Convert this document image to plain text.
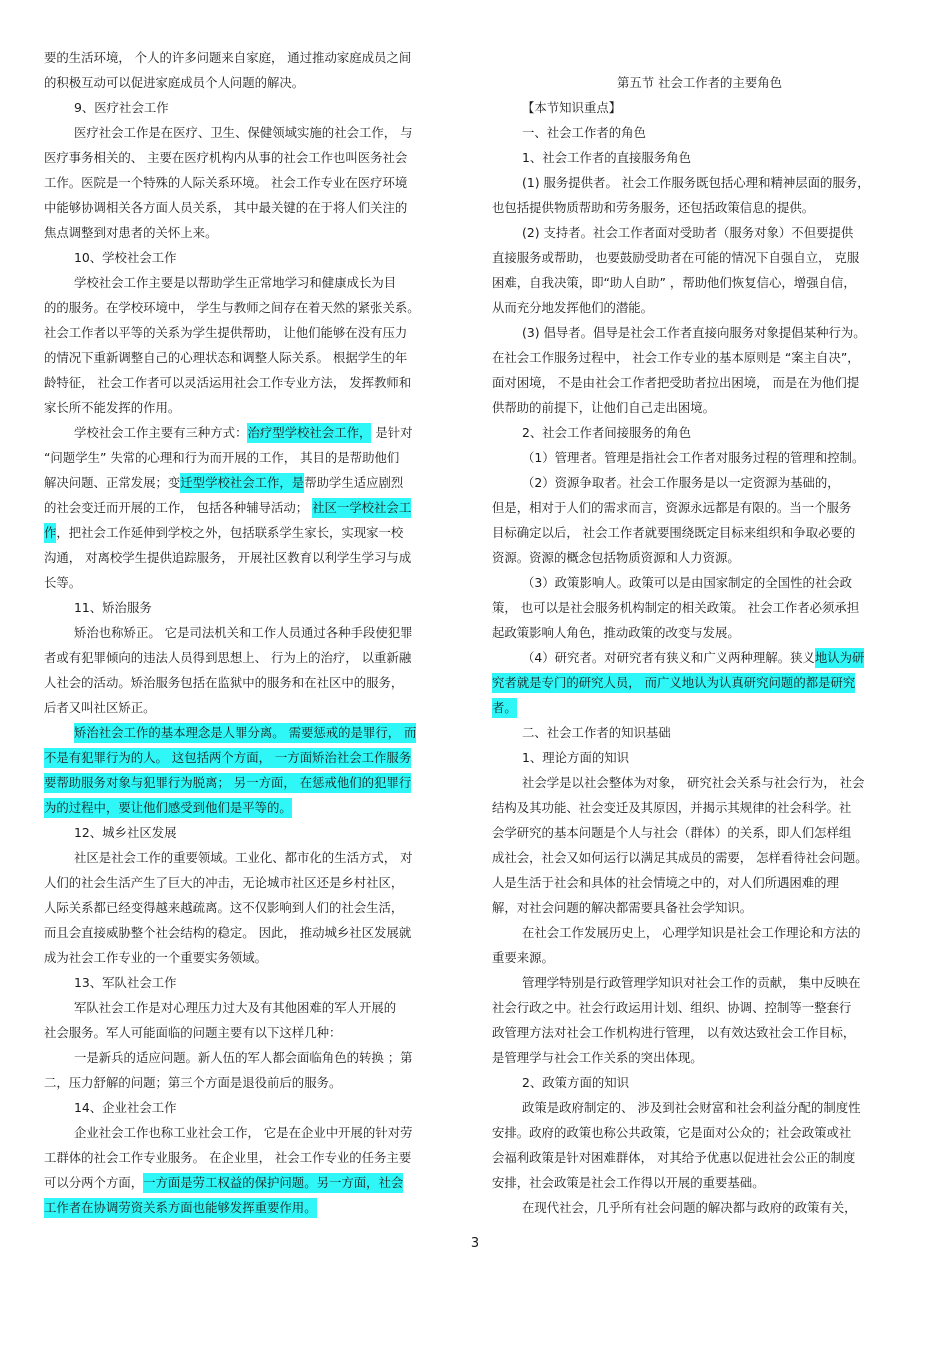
要的生活环境， 个人的许多问题来自家庭， 通过推动家庭成员之间
的积极互动可以促进家庭成员个人问题的解决。
9、医疗社会工作
医疗社会工作是在医疗、卫生、保健领域实施的社会工作， 与
医疗事务相关的、 主要在医疗机构内从事的社会工作也叫医务社会
工作。医院是一个特殊的人际关系环境。 社会工作专业在医疗环境
中能够协调相关各方面人员关系， 其中最关键的在于将人们关注的
焦点调整到对患者的关怀上来。
10、学校社会工作
学校社会工作主要是以帮助学生正常地学习和健康成长为目
的的服务。在学校环境中， 学生与教师之间存在着天然的紧张关系。
社会工作者以平等的关系为学生提供帮助， 让他们能够在没有压力
的情况下重新调整自己的心理状态和调整人际关系。 根据学生的年
龄特征， 社会工作者可以灵活运用社会工作专业方法， 发挥教师和
家长所不能发挥的作用。
学校社会工作主要有三种方式：治疗型学校社会工作， 是针对
“问题学生” 失常的心理和行为而开展的工作， 其目的是帮助他们
解决问题、正常发展；变迁型学校社会工作，是帮助学生适应剧烈
的社会变迁而开展的工作， 包括各种辅导活动； 社区一学校社会工
作，把社会工作延伸到学校之外，包括联系学生家长，实现家一校
沟通， 对离校学生提供追踪服务， 开展社区教育以利学生学习与成
长等。
11、矫治服务
矫治也称矫正。 它是司法机关和工作人员通过各种手段使犯罪
者或有犯罪倾向的违法人员得到思想上、 行为上的治疗， 以重新融
人社会的活动。矫治服务包括在监狱中的服务和在社区中的服务，
后者又叫社区矫正。
矫治社会工作的基本理念是人罪分离。 需要惩戒的是罪行， 而
不是有犯罪行为的人。 这包括两个方面， 一方面矫治社会工作服务
要帮助服务对象与犯罪行为脱离； 另一方面， 在惩戒他们的犯罪行
为的过程中，要让他们感受到他们是平等的。
12、城乡社区发展
社区是社会工作的重要领域。工业化、都市化的生活方式， 对
人们的社会生活产生了巨大的冲击，无论城市社区还是乡村社区，
人际关系都已经变得越来越疏离。这不仅影响到人们的社会生活，
而且会直接威胁整个社会结构的稳定。 因此， 推动城乡社区发展就
成为社会工作专业的一个重要实务领域。
13、军队社会工作
军队社会工作是对心理压力过大及有其他困难的军人开展的
社会服务。军人可能面临的问题主要有以下这样几种：
一是新兵的适应问题。新人伍的军人都会面临角色的转换 ；第
二，压力舒解的问题；第三个方面是退役前后的服务。
14、企业社会工作
企业社会工作也称工业社会工作， 它是在企业中开展的针对劳
工群体的社会工作专业服务。 在企业里， 社会工作专业的任务主要
可以分两个方面，一方面是劳工权益的保护问题。另一方面，社会
工作者在协调劳资关系方面也能够发挥重要作用。
第五节 社会工作者的主要角色
【本节知识重点】
一、社会工作者的角色
1、社会工作者的直接服务角色
(1) 服务提供者。 社会工作服务既包括心理和精神层面的服务，
也包括提供物质帮助和劳务服务，还包括政策信息的提供。
(2) 支持者。社会工作者面对受助者（服务对象）不但要提供
直接服务或帮助， 也要鼓励受助者在可能的情况下自强自立， 克服
困难，自我决策，即“助人自助” ，帮助他们恢复信心，增强自信，
从而充分地发挥他们的潜能。
(3) 倡导者。倡导是社会工作者直接向服务对象提倡某种行为。
在社会工作服务过程中， 社会工作专业的基本原则是 “案主自决”，
面对困境， 不是由社会工作者把受助者拉出困境， 而是在为他们提
供帮助的前提下，让他们自己走出困境。
2、社会工作者间接服务的角色
（1）管理者。管理是指社会工作者对服务过程的管理和控制。
（2）资源争取者。社会工作服务是以一定资源为基础的，
但是，相对于人们的需求而言，资源永远都是有限的。当一个服务
目标确定以后， 社会工作者就要围绕既定目标来组织和争取必要的
资源。资源的概念包括物质资源和人力资源。
（3）政策影响人。政策可以是由国家制定的全国性的社会政
策， 也可以是社会服务机构制定的相关政策。 社会工作者必须承担
起政策影响人角色，推动政策的改变与发展。
（4）研究者。对研究者有狭义和广义两种理解。狭义地认为研
究者就是专门的研究人员， 而广义地认为认真研究问题的都是研究
者。
二、社会工作者的知识基础
1、理论方面的知识
社会学是以社会整体为对象， 研究社会关系与社会行为， 社会
结构及其功能、社会变迁及其原因，并揭示其规律的社会科学。社
会学研究的基本问题是个人与社会（群体）的关系，即人们怎样组
成社会，社会又如何运行以满足其成员的需要， 怎样看待社会问题。
人是生活于社会和具体的社会情境之中的，对人们所遇困难的理
解，对社会问题的解决都需要具备社会学知识。
在社会工作发展历史上， 心理学知识是社会工作理论和方法的
重要来源。
管理学特别是行政管理学知识对社会工作的贡献， 集中反映在
社会行政之中。社会行政运用计划、组织、协调、控制等一整套行
政管理方法对社会工作机构进行管理， 以有效达致社会工作目标，
是管理学与社会工作关系的突出体现。
2、政策方面的知识
政策是政府制定的、 涉及到社会财富和社会利益分配的制度性
安排。政府的政策也称公共政策，它是面对公众的；社会政策或社
会福利政策是针对困难群体， 对其给予优惠以促进社会公正的制度
安排，社会政策是社会工作得以开展的重要基础。
在现代社会，几乎所有社会问题的解决都与政府的政策有关，
3
